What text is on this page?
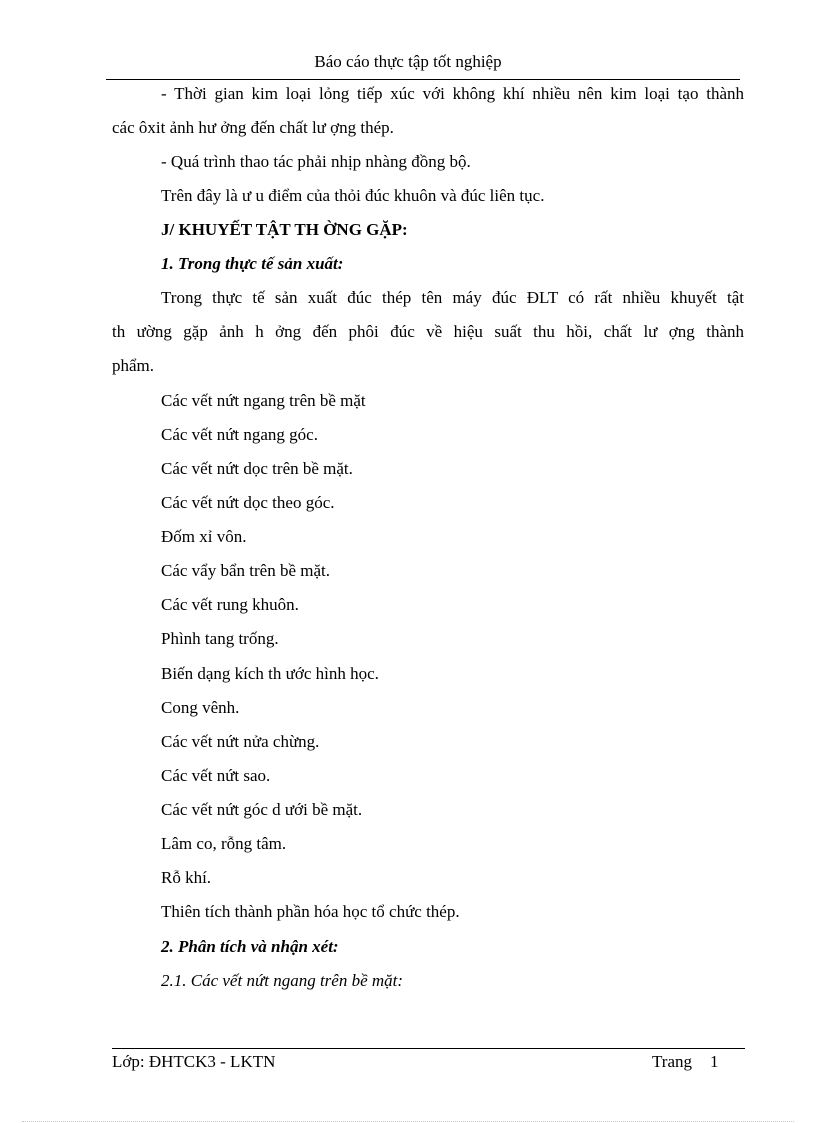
Báo cáo thực tập tốt nghiệp
- Thời gian kim loại lỏng tiếp xúc với không khí nhiều nên kim loại tạo thành
các ôxit ảnh hư ởng đến chất lư ợng thép.
- Quá trình thao tác phải nhịp nhàng đồng bộ.
Trên đây là ư u điểm của thỏi đúc khuôn và đúc liên tục.
J/ KHUYẾT TẬT TH ỜNG GẶP:
1. Trong thực tế sản xuất:
Trong thực tế sản xuất đúc thép tên máy đúc ĐLT có rất nhiều khuyết tật
th ường gặp ảnh h ởng đến phôi đúc về hiệu suất thu hồi, chất lư ợng thành
phẩm.
Các vết nứt ngang trên bề mặt
Các vết nứt ngang góc.
Các vết nứt dọc trên bề mặt.
Các vết nứt dọc theo góc.
Đốm xỉ vôn.
Các vẩy bẩn trên bề mặt.
Các vết rung khuôn.
Phình tang trống.
Biến dạng kích th ước hình học.
Cong vênh.
Các vết nứt nửa chừng.
Các vết nứt sao.
Các vết nứt góc d ưới bề mặt.
Lâm co, rỗng tâm.
Rỗ khí.
Thiên tích thành phần hóa học tổ chức thép.
2. Phân tích và nhận xét:
2.1. Các vết nứt ngang trên bề mặt:
Lớp: ĐHTCK3 - LKTN	Trang 1
